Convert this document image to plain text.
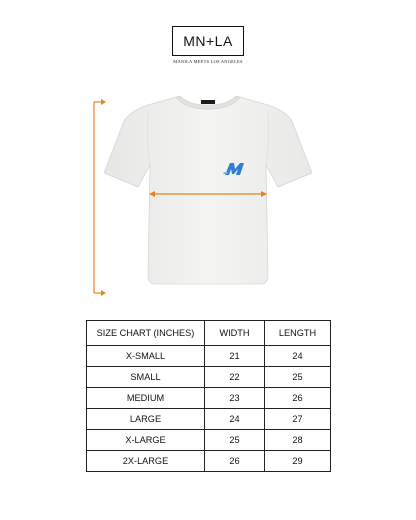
MN+LA
MANILA MEETS LOS ANGELES
SIZE CHART (INCHES)	WIDTH	LENGTH
X-SMALL	21	24
SMALL	22	25
MEDIUM	23	26
LARGE	24	27
X-LARGE	25	28
2X-LARGE	26	29
